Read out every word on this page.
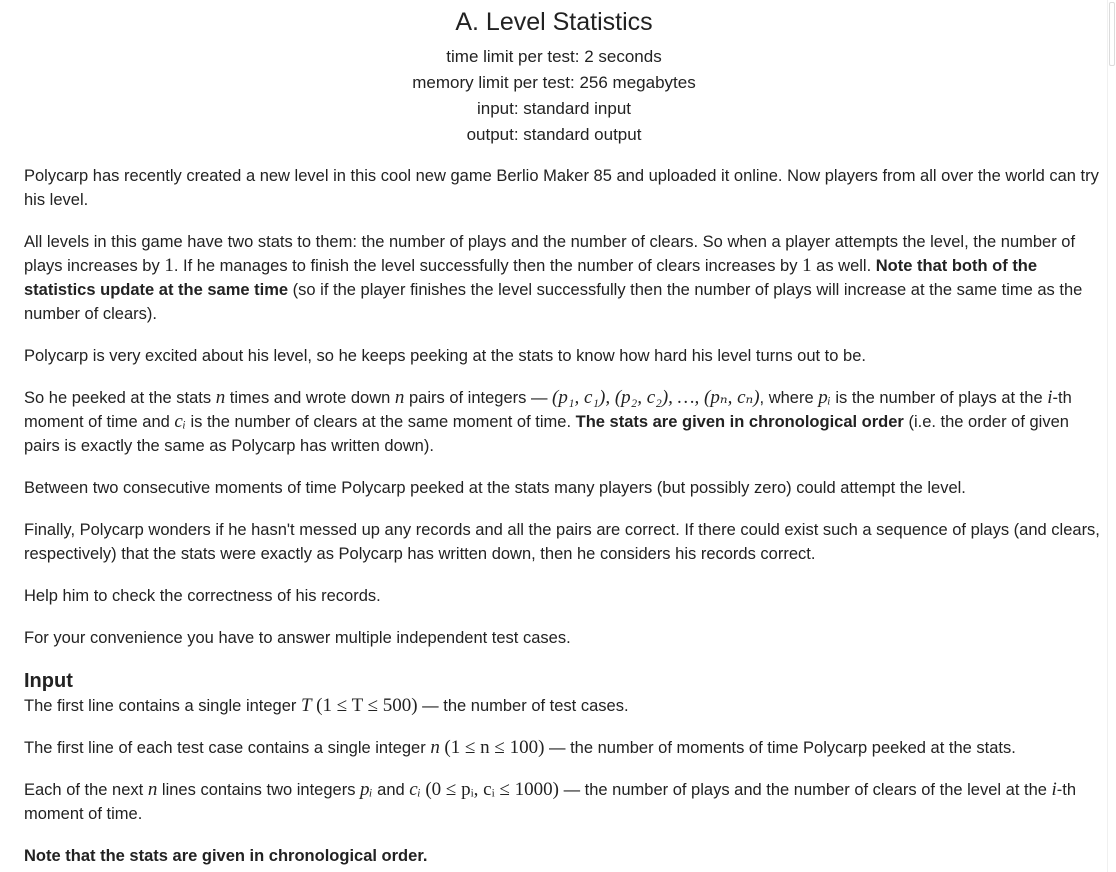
A. Level Statistics
time limit per test: 2 seconds
memory limit per test: 256 megabytes
input: standard input
output: standard output

Polycarp has recently created a new level in this cool new game Berlio Maker 85 and uploaded it online. Now players from all over the world can try his level.

All levels in this game have two stats to them: the number of plays and the number of clears. So when a player attempts the level, the number of plays increases by 1. If he manages to finish the level successfully then the number of clears increases by 1 as well. Note that both of the statistics update at the same time (so if the player finishes the level successfully then the number of plays will increase at the same time as the number of clears).

Polycarp is very excited about his level, so he keeps peeking at the stats to know how hard his level turns out to be.

So he peeked at the stats n times and wrote down n pairs of integers — (p₁, c₁), (p₂, c₂), …, (pₙ, cₙ), where pᵢ is the number of plays at the i-th moment of time and cᵢ is the number of clears at the same moment of time. The stats are given in chronological order (i.e. the order of given pairs is exactly the same as Polycarp has written down).

Between two consecutive moments of time Polycarp peeked at the stats many players (but possibly zero) could attempt the level.

Finally, Polycarp wonders if he hasn't messed up any records and all the pairs are correct. If there could exist such a sequence of plays (and clears, respectively) that the stats were exactly as Polycarp has written down, then he considers his records correct.

Help him to check the correctness of his records.

For your convenience you have to answer multiple independent test cases.

Input

The first line contains a single integer T (1 ≤ T ≤ 500) — the number of test cases.

The first line of each test case contains a single integer n (1 ≤ n ≤ 100) — the number of moments of time Polycarp peeked at the stats.

Each of the next n lines contains two integers pᵢ and cᵢ (0 ≤ pᵢ, cᵢ ≤ 1000) — the number of plays and the number of clears of the level at the i-th moment of time.

Note that the stats are given in chronological order.
